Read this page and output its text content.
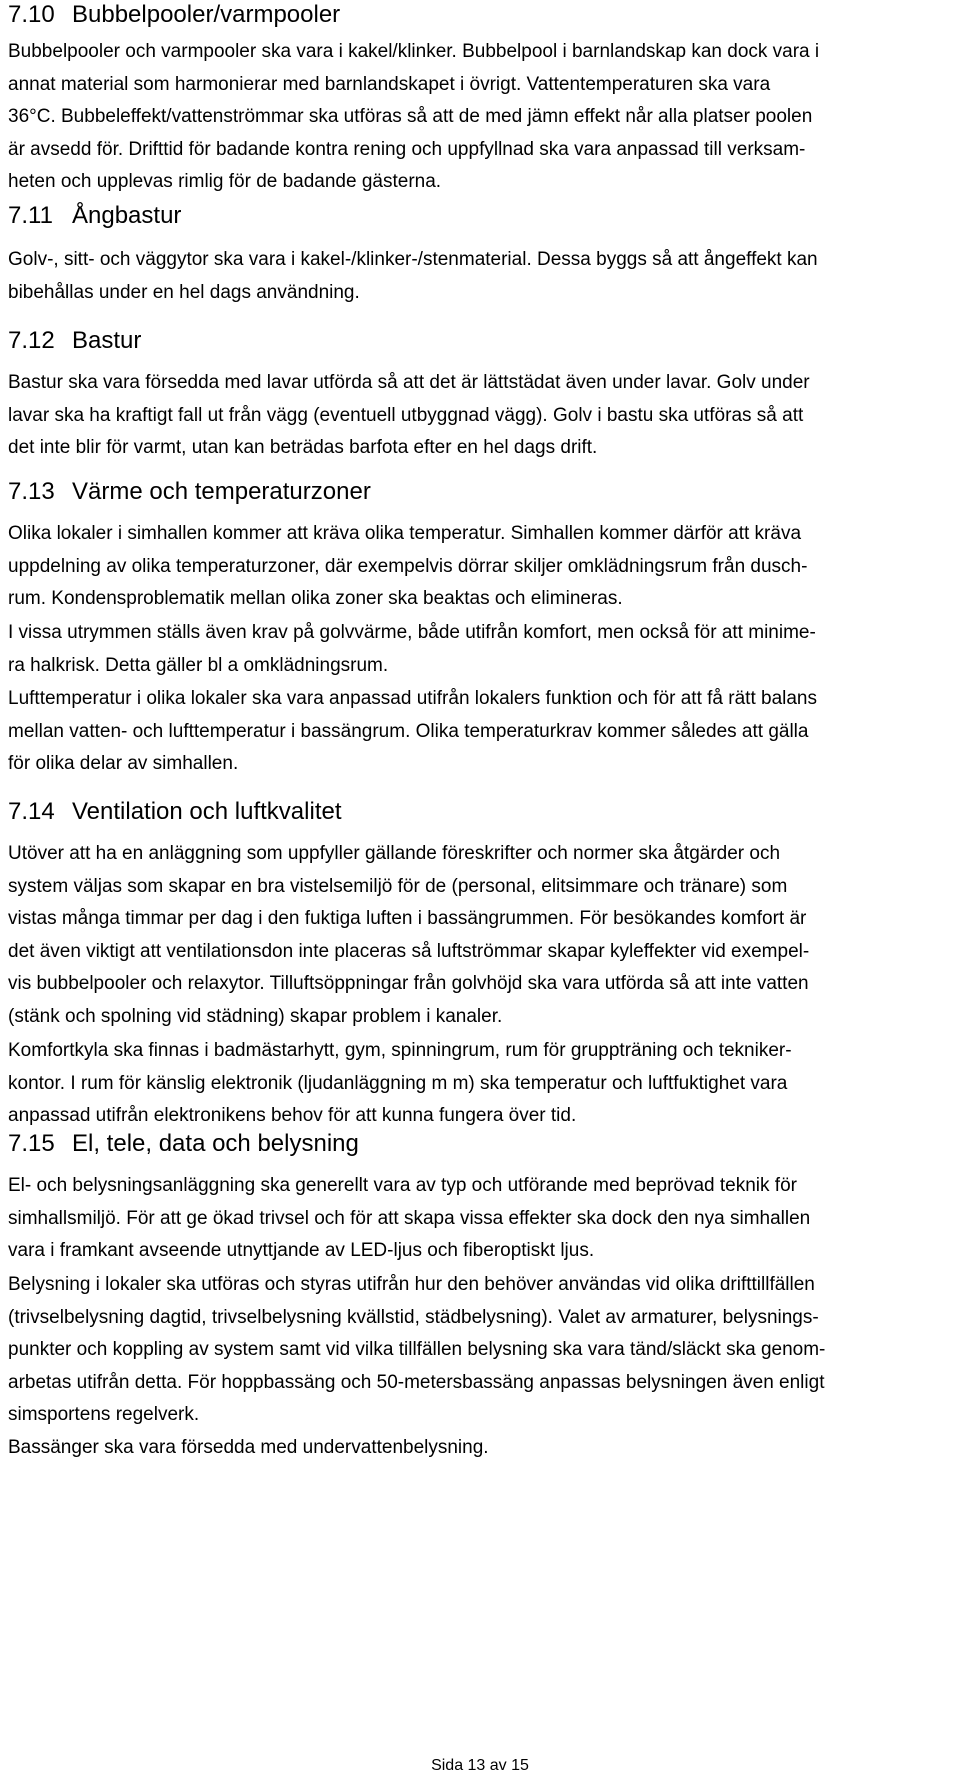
7.10 Bubbelpooler/varmpooler

Bubbelpooler och varmpooler ska vara i kakel/klinker. Bubbelpool i barnlandskap kan dock vara i
annat material som harmonierar med barnlandskapet i övrigt. Vattentemperaturen ska vara
36°C. Bubbeleffekt/vattenströmmar ska utföras så att de med jämn effekt når alla platser poolen
är avsedd för. Drifttid för badande kontra rening och uppfyllnad ska vara anpassad till verksam-
heten och upplevas rimlig för de badande gästerna.

7.11 Ångbastur

Golv-, sitt- och väggytor ska vara i kakel-/klinker-/stenmaterial. Dessa byggs så att ångeffekt kan
bibehållas under en hel dags användning.

7.12 Bastur

Bastur ska vara försedda med lavar utförda så att det är lättstädat även under lavar. Golv under
lavar ska ha kraftigt fall ut från vägg (eventuell utbyggnad vägg). Golv i bastu ska utföras så att
det inte blir för varmt, utan kan beträdas barfota efter en hel dags drift.

7.13 Värme och temperaturzoner

Olika lokaler i simhallen kommer att kräva olika temperatur. Simhallen kommer därför att kräva
uppdelning av olika temperaturzoner, där exempelvis dörrar skiljer omklädningsrum från dusch-
rum. Kondensproblematik mellan olika zoner ska beaktas och elimineras.

I vissa utrymmen ställs även krav på golvvärme, både utifrån komfort, men också för att minime-
ra halkrisk. Detta gäller bl a omklädningsrum.

Lufttemperatur i olika lokaler ska vara anpassad utifrån lokalers funktion och för att få rätt balans
mellan vatten- och lufttemperatur i bassängrum. Olika temperaturkrav kommer således att gälla
för olika delar av simhallen.

7.14 Ventilation och luftkvalitet

Utöver att ha en anläggning som uppfyller gällande föreskrifter och normer ska åtgärder och
system väljas som skapar en bra vistelsemiljö för de (personal, elitsimmare och tränare) som
vistas många timmar per dag i den fuktiga luften i bassängrummen. För besökandes komfort är
det även viktigt att ventilationsdon inte placeras så luftströmmar skapar kyleffekter vid exempel-
vis bubbelpooler och relaxytor. Tilluftsöppningar från golvhöjd ska vara utförda så att inte vatten
(stänk och spolning vid städning) skapar problem i kanaler.

Komfortkyla ska finnas i badmästarhytt, gym, spinningrum, rum för gruppträning och tekniker-
kontor. I rum för känslig elektronik (ljudanläggning m m) ska temperatur och luftfuktighet vara
anpassad utifrån elektronikens behov för att kunna fungera över tid.

7.15 El, tele, data och belysning

El- och belysningsanläggning ska generellt vara av typ och utförande med beprövad teknik för
simhallsmiljö. För att ge ökad trivsel och för att skapa vissa effekter ska dock den nya simhallen
vara i framkant avseende utnyttjande av LED-ljus och fiberoptiskt ljus.

Belysning i lokaler ska utföras och styras utifrån hur den behöver användas vid olika drifttillfällen
(trivselbelysning dagtid, trivselbelysning kvällstid, städbelysning). Valet av armaturer, belysnings-
punkter och koppling av system samt vid vilka tillfällen belysning ska vara tänd/släckt ska genom-
arbetas utifrån detta. För hoppbassäng och 50-metersbassäng anpassas belysningen även enligt
simsportens regelverk.

Bassänger ska vara försedda med undervattenbelysning.

Sida 13 av 15
